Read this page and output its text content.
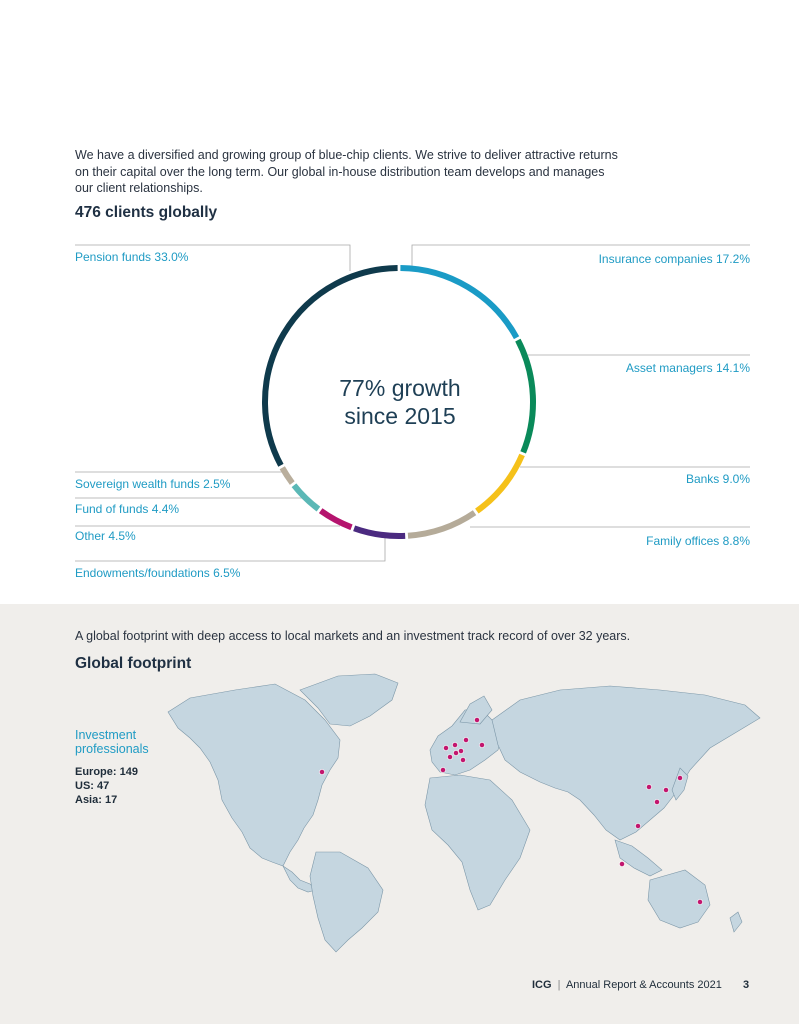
We have a diversified and growing group of blue-chip clients. We strive to deliver attractive returns on their capital over the long term. Our global in-house distribution team develops and manages our client relationships.
476 clients globally
77% growth
since 2015
Pension funds 33.0%	Insurance companies 17.2%
Asset managers 14.1%
Banks 9.0%
Family offices 8.8%
Sovereign wealth funds 2.5%
Fund of funds 4.4%
Other 4.5%
Endowments/foundations 6.5%
A global footprint with deep access to local markets and an investment track record of over 32 years.
Global footprint
Investment professionals
Europe: 149
US: 47
Asia: 17
ICG | Annual Report & Accounts 2021 3
